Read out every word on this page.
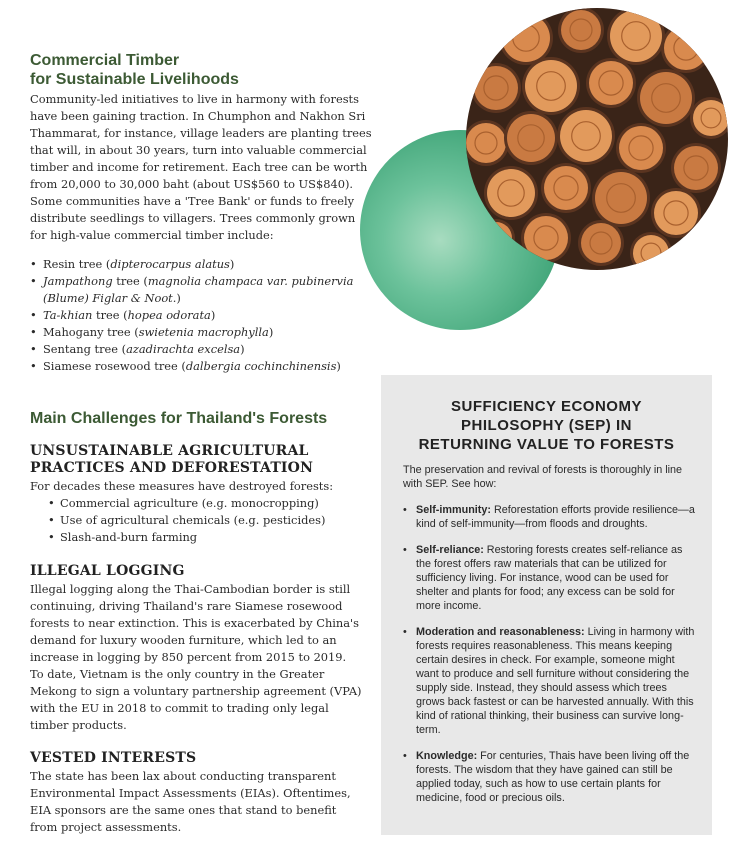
Commercial Timber
for Sustainable Livelihoods

Community-led initiatives to live in harmony with forests have been gaining traction. In Chumphon and Nakhon Sri Thammarat, for instance, village leaders are planting trees that will, in about 30 years, turn into valuable commercial timber and income for retirement. Each tree can be worth from 20,000 to 30,000 baht (about US$560 to US$840). Some communities have a 'Tree Bank' or funds to freely distribute seedlings to villagers. Trees commonly grown for high-value commercial timber include:

• Resin tree (dipterocarpus alatus)
• Jampathong tree (magnolia champaca var. pubinervia (Blume) Figlar & Noot.)
• Ta-khian tree (hopea odorata)
• Mahogany tree (swietenia macrophylla)
• Sentang tree (azadirachta excelsa)
• Siamese rosewood tree (dalbergia cochinchinensis)
Main Challenges for Thailand's Forests
UNSUSTAINABLE AGRICULTURAL
PRACTICES AND DEFORESTATION

For decades these measures have destroyed forests:

• Commercial agriculture (e.g. monocropping)
• Use of agricultural chemicals (e.g. pesticides)
• Slash-and-burn farming
ILLEGAL LOGGING

Illegal logging along the Thai-Cambodian border is still continuing, driving Thailand's rare Siamese rosewood forests to near extinction. This is exacerbated by China's demand for luxury wooden furniture, which led to an increase in logging by 850 percent from 2015 to 2019. To date, Vietnam is the only country in the Greater Mekong to sign a voluntary partnership agreement (VPA) with the EU in 2018 to commit to trading only legal timber products.

VESTED INTERESTS

The state has been lax about conducting transparent Environmental Impact Assessments (EIAs). Oftentimes, EIA sponsors are the same ones that stand to benefit from project assessments.

SUFFICIENCY ECONOMY
PHILOSOPHY (SEP) IN
RETURNING VALUE TO FORESTS

The preservation and revival of forests is thoroughly in line with SEP. See how:

• Self-immunity: Reforestation efforts provide resilience—a kind of self-immunity—from floods and droughts.
• Self-reliance: Restoring forests creates self-reliance as the forest offers raw materials that can be utilized for sufficiency living. For instance, wood can be used for shelter and plants for food; any excess can be sold for more income.
• Moderation and reasonableness: Living in harmony with forests requires reasonableness. This means keeping certain desires in check. For example, someone might want to produce and sell furniture without considering the supply side. Instead, they should assess which trees grows back fastest or can be harvested annually. With this kind of rational thinking, their business can survive long-term.
• Knowledge: For centuries, Thais have been living off the forests. The wisdom that they have gained can still be applied today, such as how to use certain plants for medicine, food or precious oils.
